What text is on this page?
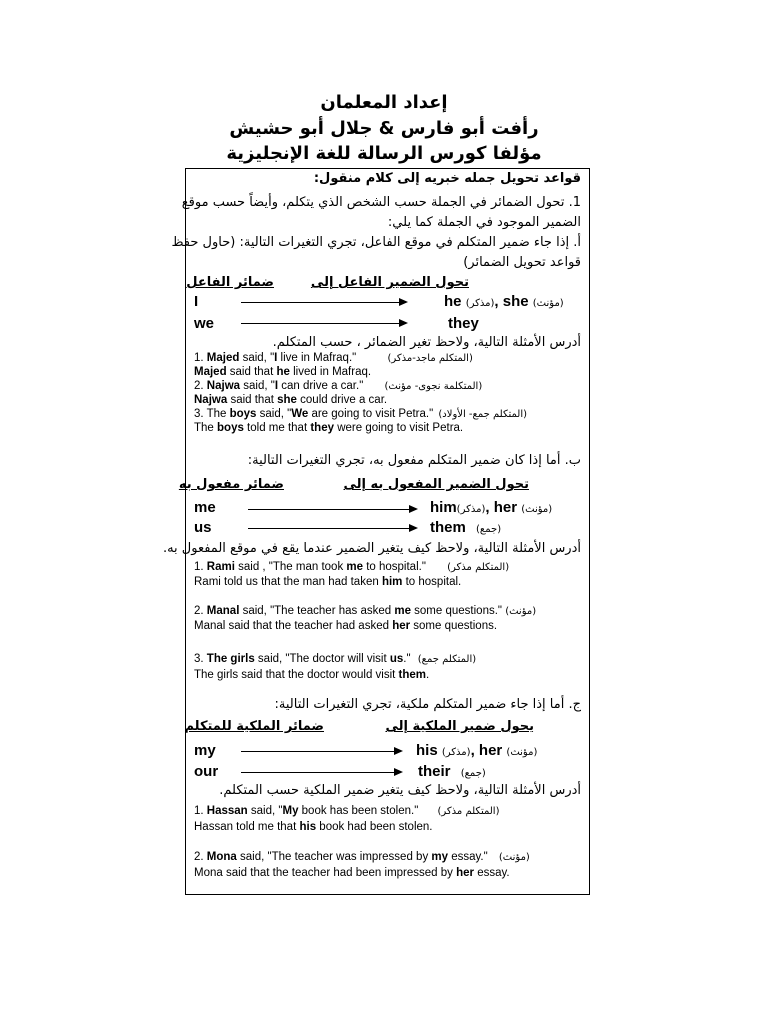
إعداد المعلمان
رأفت أبو فارس & جلال أبو حشيش
مؤلفا كورس الرسالة للغة الإنجليزية
قواعد تحويل جمله خبريه إلى كلام منقول:
1. تحول الضمائر في الجملة حسب الشخص الذي يتكلم، وأيضاً حسب موقع
الضمير الموجود في الجملة كما يلي:
أ. إذا جاء ضمير المتكلم في موقع الفاعل، تجري التغيرات التالية: (حاول حفظ
قواعد تحويل الضمائر)
تحول الضمير الفاعل إلى
ضمائر الفاعل
I	he (مذكر), she (مؤنث)
we	they
أدرس الأمثلة التالية، ولاحظ تغير الضمائر ، حسب المتكلم.
1. Majed said, "I live in Mafraq."	(المتكلم ماجد-مذكر)
Majed said that he lived in Mafraq.
2. Najwa said, "I can drive a car." (المتكلمة نجوى- مؤنث)
Najwa said that she could drive a car.
3. The boys said, "We are going to visit Petra." (المتكلم جمع- الأولاد)
The boys told me that they were going to visit Petra.
ب. أما إذا كان ضمير المتكلم مفعول به، تجري التغيرات التالية:
تحول الضمير المفعول به إلى
ضمائر مفعول به
me	him(مذكر), her (مؤنث)
us	them (جمع)
أدرس الأمثلة التالية، ولاحظ كيف يتغير الضمير عندما يقع في موقع المفعول به.
1. Rami said , "The man took me to hospital." (المتكلم مذكر)
Rami told us that the man had taken him to hospital.
2. Manal said, "The teacher has asked me some questions." (مؤنث)
Manal said that the teacher had asked her some questions.
3. The girls said, "The doctor will visit us." (المتكلم جمع)
The girls said that the doctor would visit them.
ج. أما إذا جاء ضمير المتكلم ملكية، تجري التغيرات التالية:
يحول ضمير الملكية إلى
ضمائر الملكية للمتكلم
my	his (مذكر), her (مؤنث)
our	their (جمع)
أدرس الأمثلة التالية، ولاحظ كيف يتغير ضمير الملكية حسب المتكلم.
1. Hassan said, "My book has been stolen." (المتكلم مذكر)
Hassan told me that his book had been stolen.
2. Mona said, "The teacher was impressed by my essay." (مؤنث)
Mona said that the teacher had been impressed by her essay.
